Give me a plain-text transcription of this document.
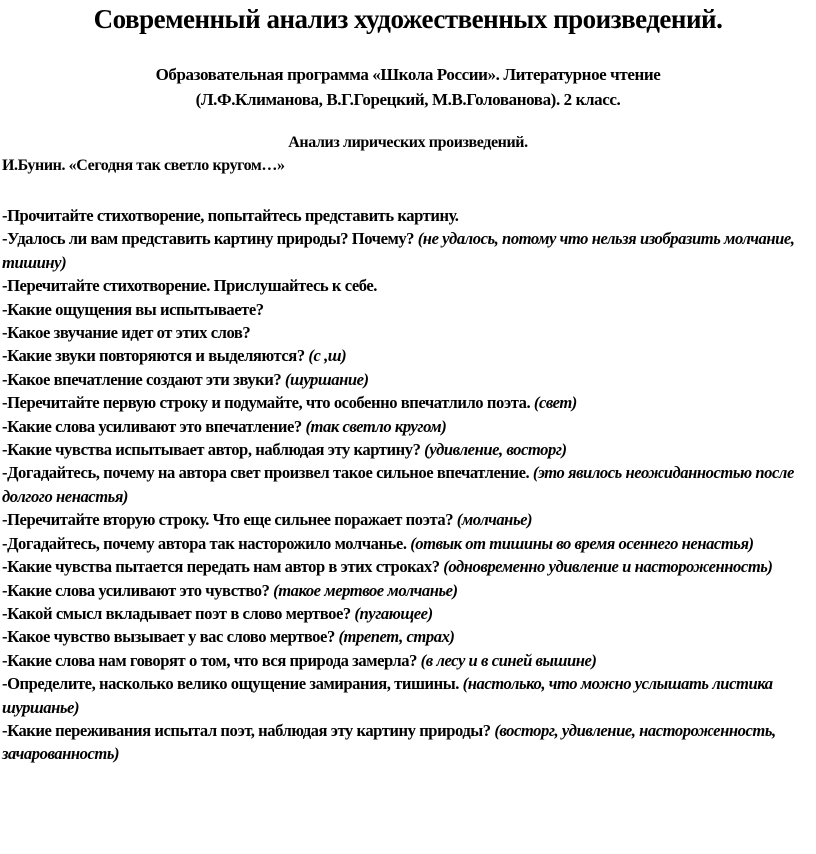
Современный анализ художественных произведений.
Образовательная программа «Школа России». Литературное чтение
(Л.Ф.Климанова, В.Г.Горецкий, М.В.Голованова). 2 класс.
Анализ лирических произведений.
И.Бунин. «Сегодня так светло кругом…»

-Прочитайте стихотворение, попытайтесь представить картину.

-Удалось ли вам представить картину природы? Почему? (не удалось, потому что нельзя изобразить молчание, тишину)

-Перечитайте стихотворение. Прислушайтесь к себе.

-Какие ощущения вы испытываете?

-Какое звучание идет от этих слов?

-Какие звуки повторяются и выделяются? (с ,ш)

-Какое впечатление создают эти звуки? (шуршание)

-Перечитайте первую строку и подумайте, что особенно впечатлило поэта. (свет)

-Какие слова усиливают это впечатление? (так светло кругом)

-Какие чувства испытывает автор, наблюдая эту картину? (удивление, восторг)

-Догадайтесь, почему на автора свет произвел такое сильное впечатление. (это явилось неожиданностью после долгого ненастья)

-Перечитайте вторую строку. Что еще сильнее поражает поэта? (молчанье)

-Догадайтесь, почему автора так насторожило молчанье. (отвык от тишины во время осеннего ненастья)

-Какие чувства пытается передать нам автор в этих строках? (одновременно удивление и настороженность)

-Какие слова усиливают это чувство? (такое мертвое молчанье)

-Какой смысл вкладывает поэт в слово мертвое? (пугающее)

-Какое чувство вызывает у вас слово мертвое? (трепет, страх)

-Какие слова нам говорят о том, что вся природа замерла? (в лесу и в синей вышине)

-Определите, насколько велико ощущение замирания, тишины. (настолько, что можно услышать листика шуршанье)

-Какие переживания испытал поэт, наблюдая эту картину природы? (восторг, удивление, настороженность, зачарованность)
